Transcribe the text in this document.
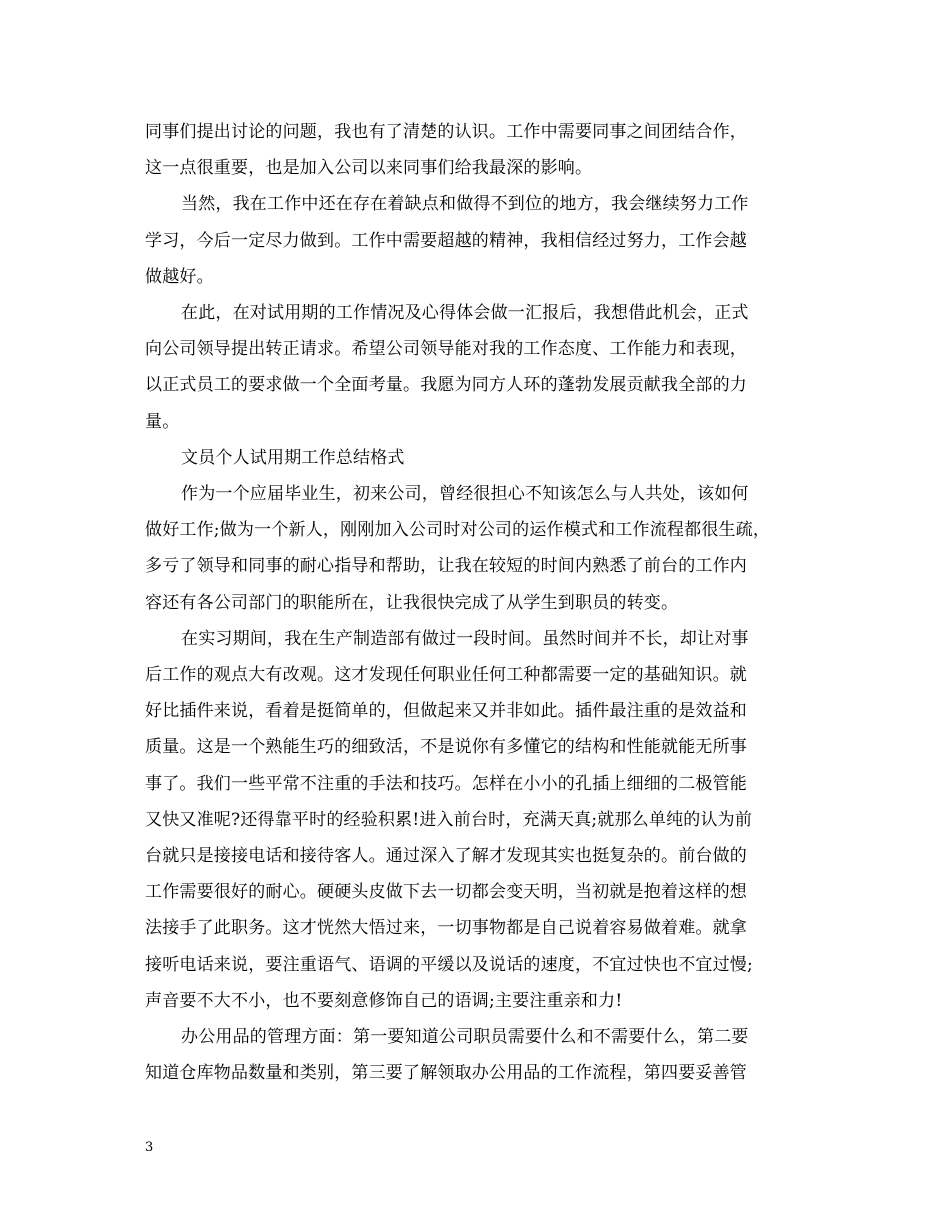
同事们提出讨论的问题，我也有了清楚的认识。工作中需要同事之间团结合作，
这一点很重要，也是加入公司以来同事们给我最深的影响。
当然，我在工作中还在存在着缺点和做得不到位的地方，我会继续努力工作
学习，今后一定尽力做到。工作中需要超越的精神，我相信经过努力，工作会越
做越好。
在此，在对试用期的工作情况及心得体会做一汇报后，我想借此机会，正式
向公司领导提出转正请求。希望公司领导能对我的工作态度、工作能力和表现，
以正式员工的要求做一个全面考量。我愿为同方人环的蓬勃发展贡献我全部的力
量。
文员个人试用期工作总结格式
作为一个应届毕业生，初来公司，曾经很担心不知该怎么与人共处，该如何
做好工作;做为一个新人，刚刚加入公司时对公司的运作模式和工作流程都很生疏，
多亏了领导和同事的耐心指导和帮助，让我在较短的时间内熟悉了前台的工作内
容还有各公司部门的职能所在，让我很快完成了从学生到职员的转变。
在实习期间，我在生产制造部有做过一段时间。虽然时间并不长，却让对事
后工作的观点大有改观。这才发现任何职业任何工种都需要一定的基础知识。就
好比插件来说，看着是挺简单的，但做起来又并非如此。插件最注重的是效益和
质量。这是一个熟能生巧的细致活，不是说你有多懂它的结构和性能就能无所事
事了。我们一些平常不注重的手法和技巧。怎样在小小的孔插上细细的二极管能
又快又准呢?还得靠平时的经验积累!进入前台时，充满天真;就那么单纯的认为前
台就只是接接电话和接待客人。通过深入了解才发现其实也挺复杂的。前台做的
工作需要很好的耐心。硬硬头皮做下去一切都会变天明，当初就是抱着这样的想
法接手了此职务。这才恍然大悟过来，一切事物都是自己说着容易做着难。就拿
接听电话来说，要注重语气、语调的平缓以及说话的速度，不宜过快也不宜过慢;
声音要不大不小，也不要刻意修饰自己的语调;主要注重亲和力!
办公用品的管理方面：第一要知道公司职员需要什么和不需要什么，第二要
知道仓库物品数量和类别，第三要了解领取办公用品的工作流程，第四要妥善管
3
